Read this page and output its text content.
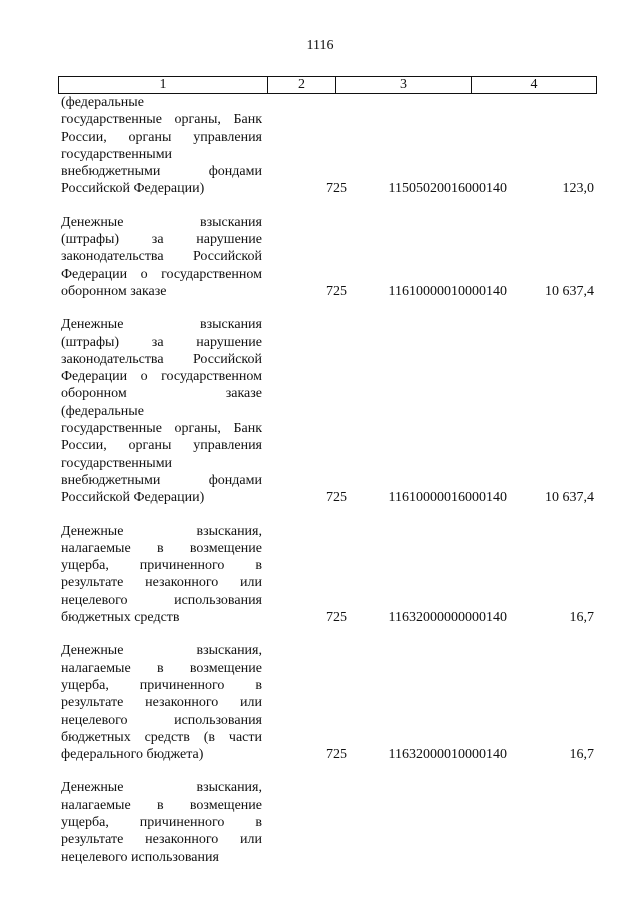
1116
1	2	3	4
(федеральные
государственные органы, Банк
России, органы управления
государственными
внебюджетными фондами
Российской Федерации)	725	11505020016000140	123,0
Денежные взыскания
(штрафы) за нарушение
законодательства Российской
Федерации о государственном
оборонном заказе	725	11610000010000140	10 637,4
Денежные взыскания
(штрафы) за нарушение
законодательства Российской
Федерации о государственном
оборонном заказе
(федеральные
государственные органы, Банк
России, органы управления
государственными
внебюджетными фондами
Российской Федерации)	725	11610000016000140	10 637,4
Денежные взыскания,
налагаемые в возмещение
ущерба, причиненного в
результате незаконного или
нецелевого использования
бюджетных средств	725	11632000000000140	16,7
Денежные взыскания,
налагаемые в возмещение
ущерба, причиненного в
результате незаконного или
нецелевого использования
бюджетных средств (в части
федерального бюджета)	725	11632000010000140	16,7
Денежные взыскания,
налагаемые в возмещение
ущерба, причиненного в
результате незаконного или
нецелевого использования
